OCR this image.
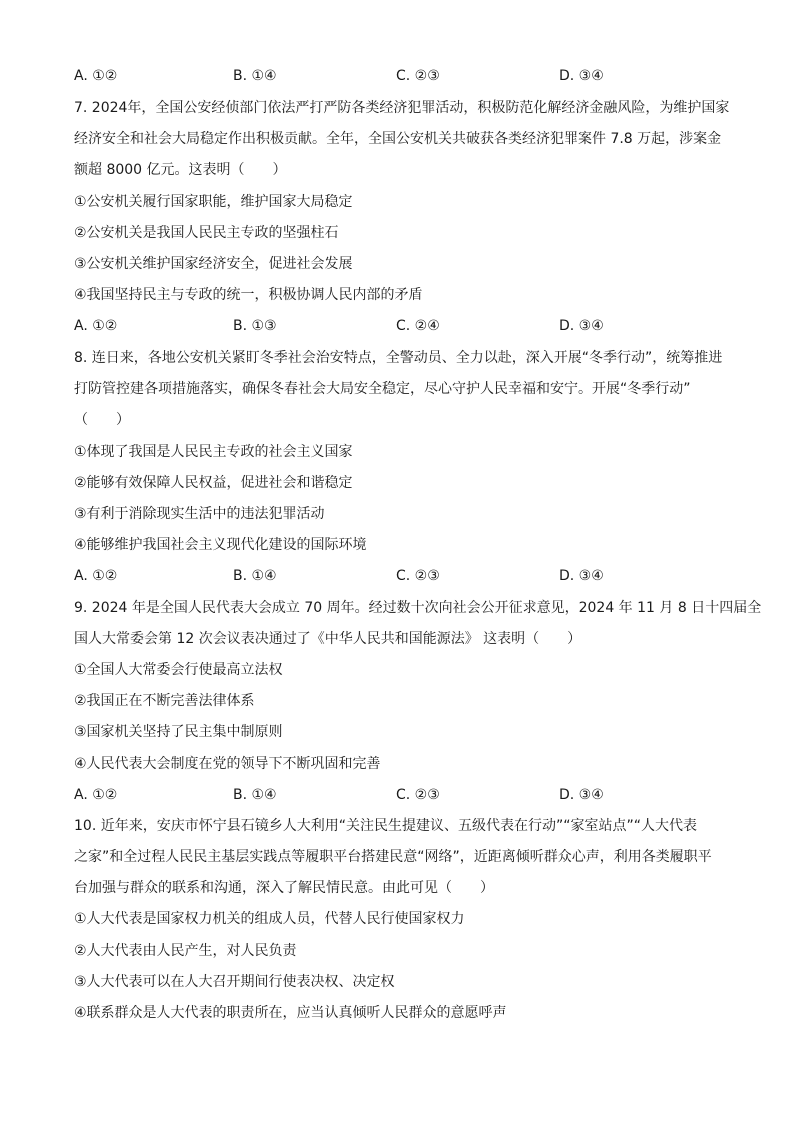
A. ①②	B. ①④	C. ②③	D. ③④
7. 2024年，全国公安经侦部门依法严打严防各类经济犯罪活动，积极防范化解经济金融风险，为维护国家
经济安全和社会大局稳定作出积极贡献。全年，全国公安机关共破获各类经济犯罪案件 7.8 万起，涉案金
额超 8000 亿元。这表明（　　）
①公安机关履行国家职能，维护国家大局稳定
②公安机关是我国人民民主专政的坚强柱石
③公安机关维护国家经济安全，促进社会发展
④我国坚持民主与专政的统一，积极协调人民内部的矛盾
A. ①②	B. ①③	C. ②④	D. ③④
8. 连日来，各地公安机关紧盯冬季社会治安特点，全警动员、全力以赴，深入开展“冬季行动”，统筹推进
打防管控建各项措施落实，确保冬春社会大局安全稳定，尽心守护人民幸福和安宁。开展“冬季行动”
（　　）
①体现了我国是人民民主专政的社会主义国家
②能够有效保障人民权益，促进社会和谐稳定
③有利于消除现实生活中的违法犯罪活动
④能够维护我国社会主义现代化建设的国际环境
A. ①②	B. ①④	C. ②③	D. ③④
9. 2024 年是全国人民代表大会成立 70 周年。经过数十次向社会公开征求意见，2024 年 11 月 8 日十四届全
国人大常委会第 12 次会议表决通过了《中华人民共和国能源法》 这表明（　　）
①全国人大常委会行使最高立法权
②我国正在不断完善法律体系
③国家机关坚持了民主集中制原则
④人民代表大会制度在党的领导下不断巩固和完善
A. ①②	B. ①④	C. ②③	D. ③④
10. 近年来，安庆市怀宁县石镜乡人大利用“关注民生提建议、五级代表在行动”“家室站点”“人大代表
之家”和全过程人民民主基层实践点等履职平台搭建民意“网络”，近距离倾听群众心声，利用各类履职平
台加强与群众的联系和沟通，深入了解民情民意。由此可见（　　）
①人大代表是国家权力机关的组成人员，代替人民行使国家权力
②人大代表由人民产生，对人民负责
③人大代表可以在人大召开期间行使表决权、决定权
④联系群众是人大代表的职责所在，应当认真倾听人民群众的意愿呼声
